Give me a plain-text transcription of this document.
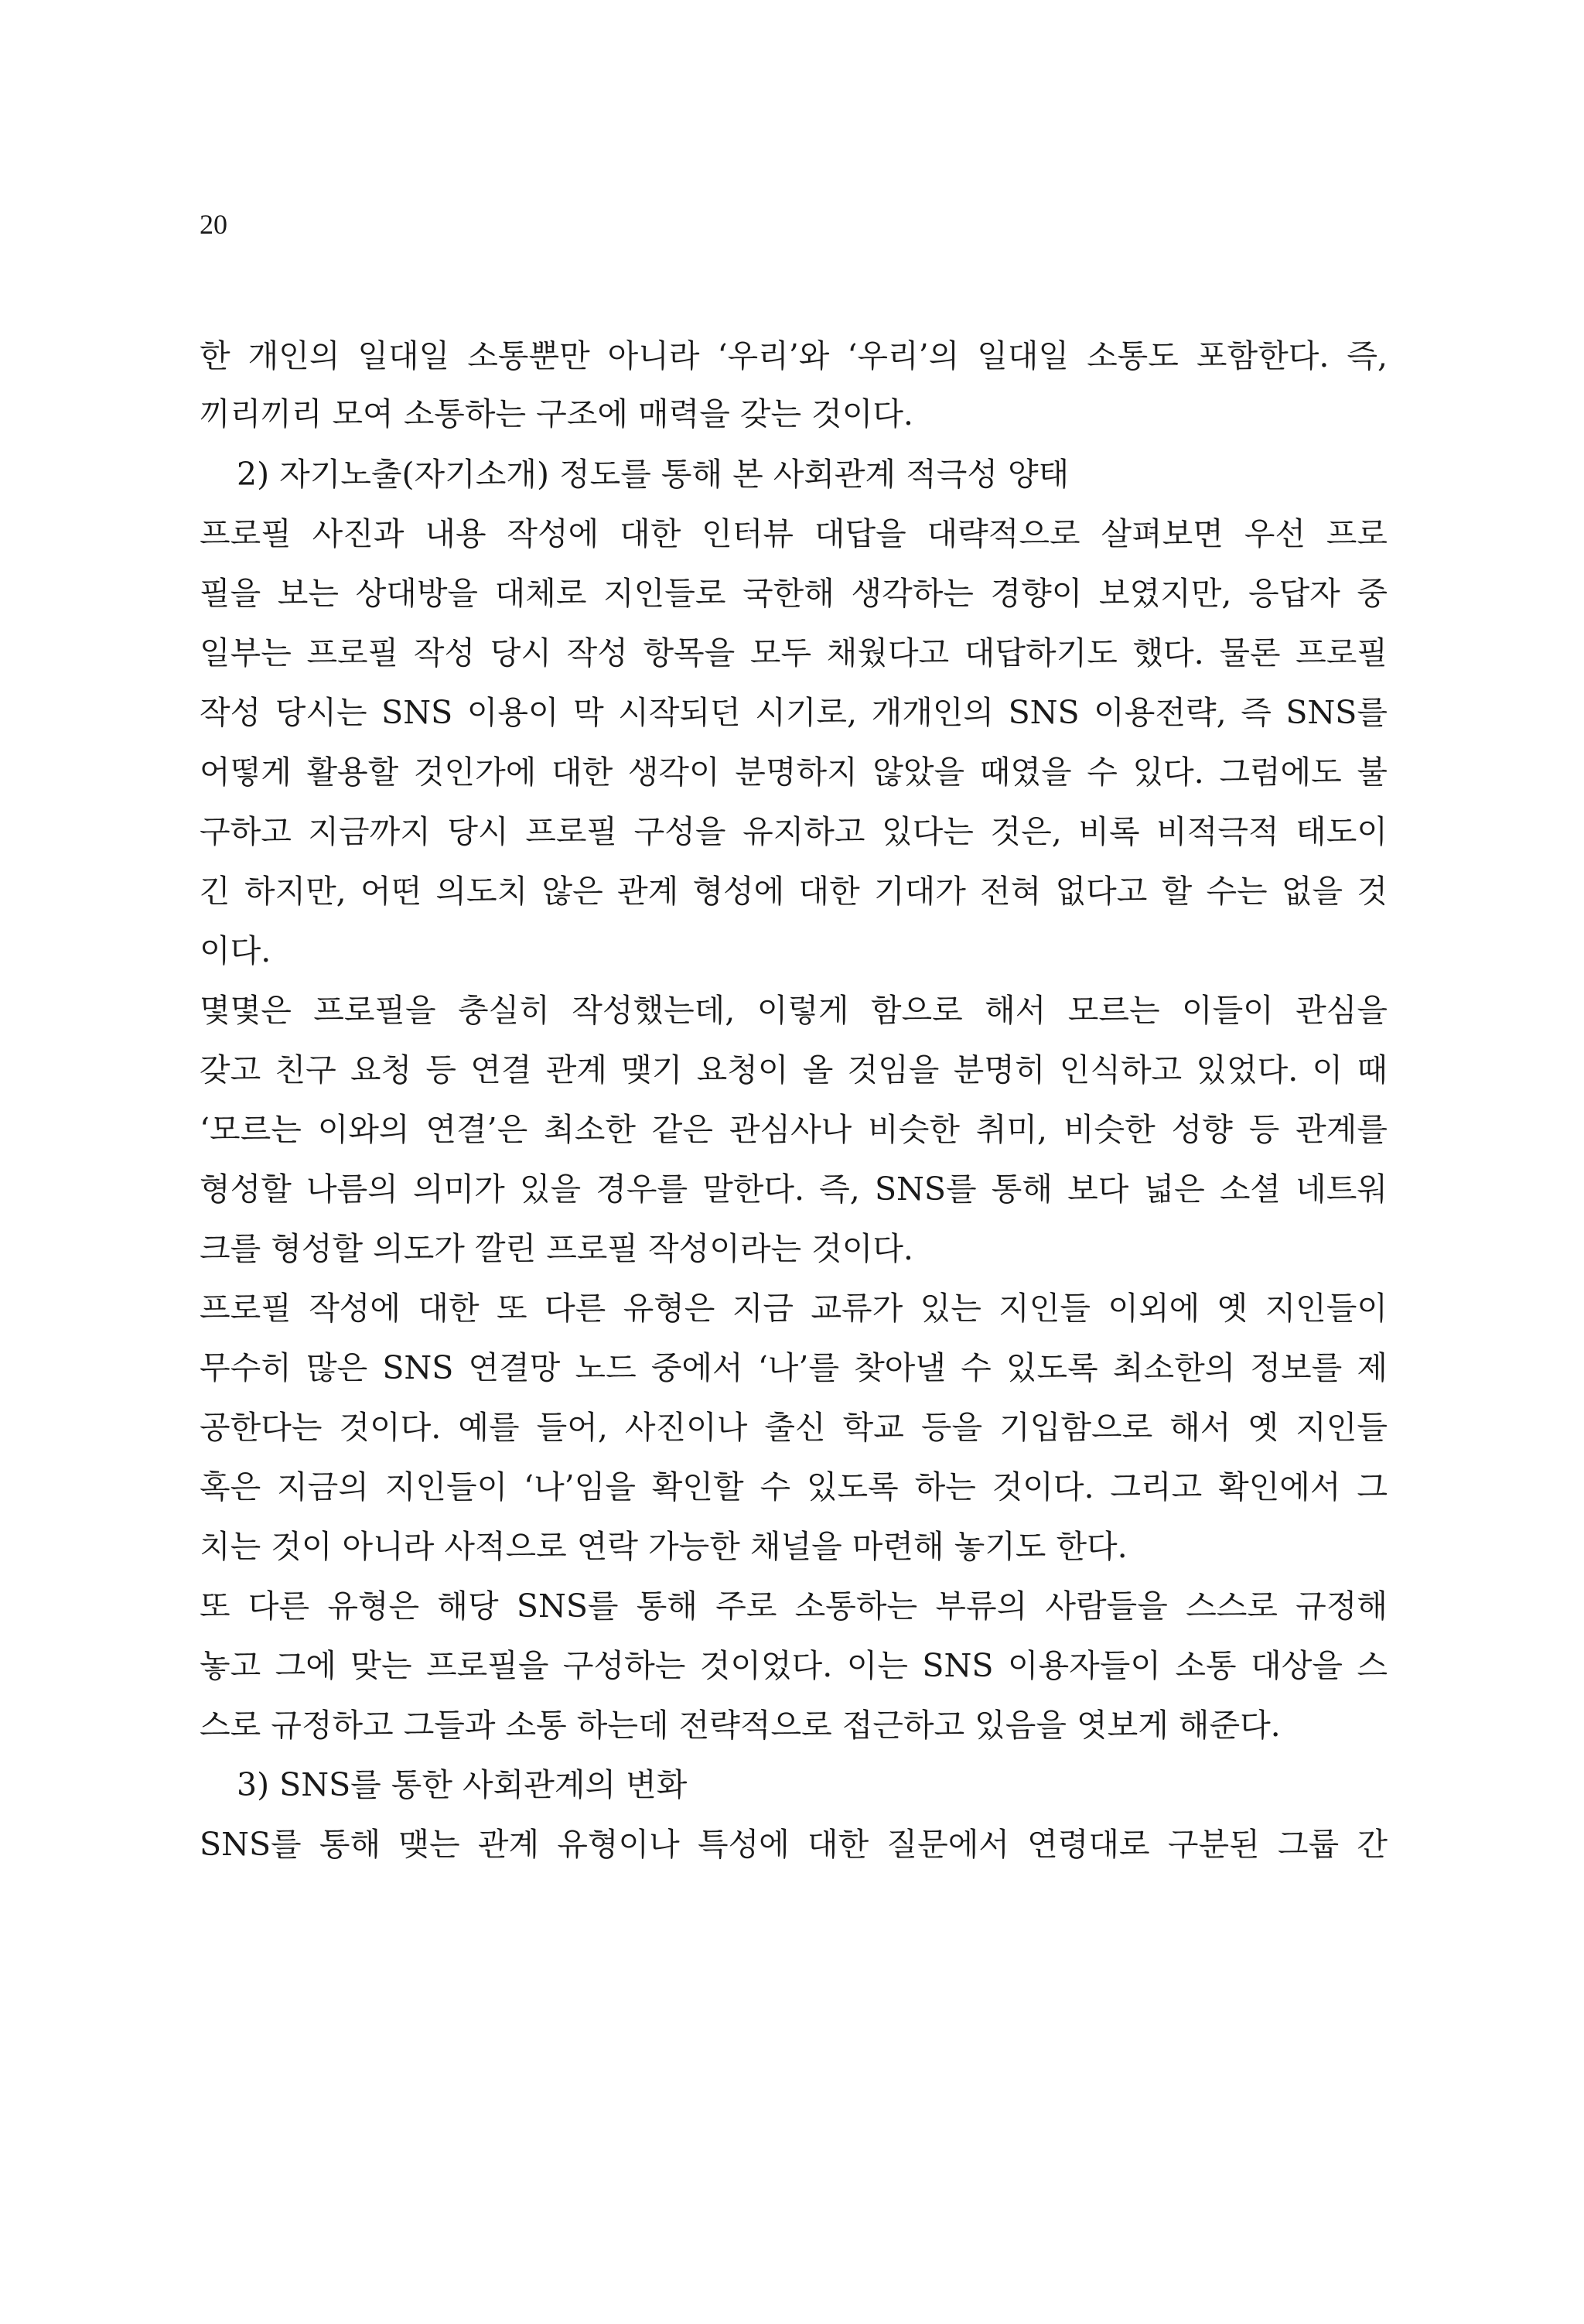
20
한 개인의 일대일 소통뿐만 아니라 ‘우리’와 ‘우리’의 일대일 소통도 포함한다. 즉,
끼리끼리 모여 소통하는 구조에 매력을 갖는 것이다.
2) 자기노출(자기소개) 정도를 통해 본 사회관계 적극성 양태
프로필 사진과 내용 작성에 대한 인터뷰 대답을 대략적으로 살펴보면 우선 프로
필을 보는 상대방을 대체로 지인들로 국한해 생각하는 경향이 보였지만, 응답자 중
일부는 프로필 작성 당시 작성 항목을 모두 채웠다고 대답하기도 했다. 물론 프로필
작성 당시는 SNS 이용이 막 시작되던 시기로, 개개인의 SNS 이용전략, 즉 SNS를
어떻게 활용할 것인가에 대한 생각이 분명하지 않았을 때였을 수 있다. 그럼에도 불
구하고 지금까지 당시 프로필 구성을 유지하고 있다는 것은, 비록 비적극적 태도이
긴 하지만, 어떤 의도치 않은 관계 형성에 대한 기대가 전혀 없다고 할 수는 없을 것
이다.
몇몇은 프로필을 충실히 작성했는데, 이렇게 함으로 해서 모르는 이들이 관심을
갖고 친구 요청 등 연결 관계 맺기 요청이 올 것임을 분명히 인식하고 있었다. 이 때
‘모르는 이와의 연결’은 최소한 같은 관심사나 비슷한 취미, 비슷한 성향 등 관계를
형성할 나름의 의미가 있을 경우를 말한다. 즉, SNS를 통해 보다 넓은 소셜 네트워
크를 형성할 의도가 깔린 프로필 작성이라는 것이다.
프로필 작성에 대한 또 다른 유형은 지금 교류가 있는 지인들 이외에 옛 지인들이
무수히 많은 SNS 연결망 노드 중에서 ‘나’를 찾아낼 수 있도록 최소한의 정보를 제
공한다는 것이다. 예를 들어, 사진이나 출신 학교 등을 기입함으로 해서 옛 지인들
혹은 지금의 지인들이 ‘나’임을 확인할 수 있도록 하는 것이다. 그리고 확인에서 그
치는 것이 아니라 사적으로 연락 가능한 채널을 마련해 놓기도 한다.
또 다른 유형은 해당 SNS를 통해 주로 소통하는 부류의 사람들을 스스로 규정해
놓고 그에 맞는 프로필을 구성하는 것이었다. 이는 SNS 이용자들이 소통 대상을 스
스로 규정하고 그들과 소통 하는데 전략적으로 접근하고 있음을 엿보게 해준다.
3) SNS를 통한 사회관계의 변화
SNS를 통해 맺는 관계 유형이나 특성에 대한 질문에서 연령대로 구분된 그룹 간
